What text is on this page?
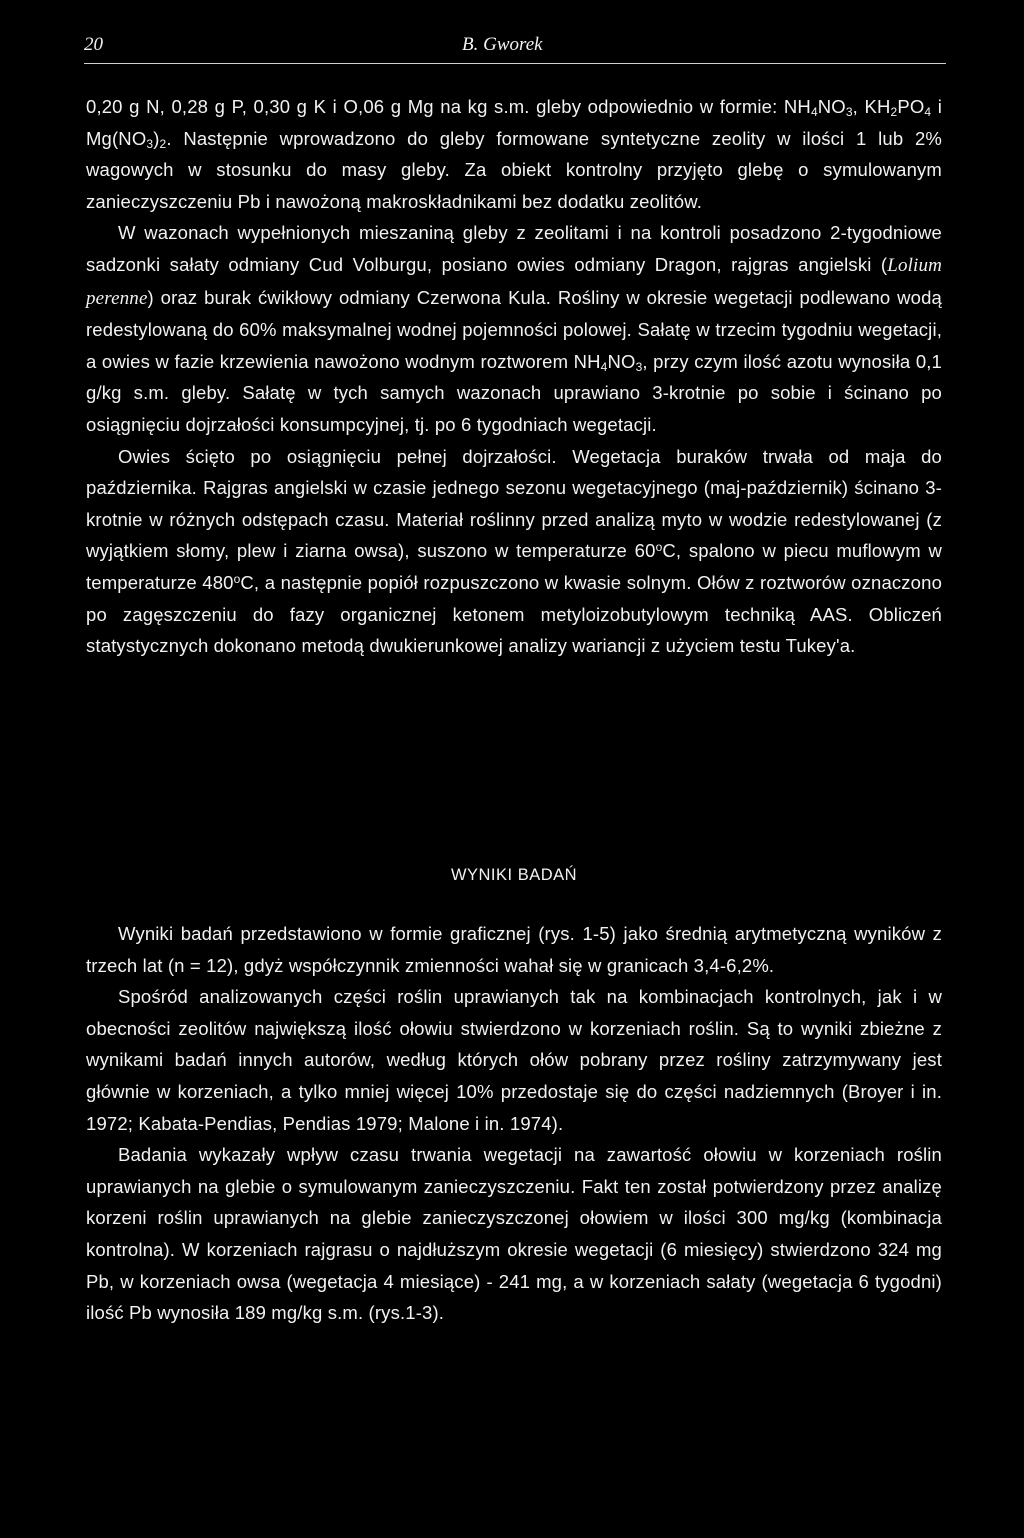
20	B. Gworek

0,20 g N, 0,28 g P, 0,30 g K i O,06 g Mg na kg s.m. gleby odpowiednio w formie: $NH_4NO_3$, $KH_2PO_4$ i $Mg(NO_3)_2$. Następnie wprowadzono do gleby formowane syntetyczne zeolity w ilości 1 lub 2% wagowych w stosunku do masy gleby. Za obiekt kontrolny przyjęto glebę o symulowanym zanieczyszczeniu Pb i nawożoną makroskładnikami bez dodatku zeolitów.

W wazonach wypełnionych mieszaniną gleby z zeolitami i na kontroli posadzono 2-tygodniowe sadzonki sałaty odmiany Cud Volburgu, posiano owies odmiany Dragon, rajgras angielski (Lolium perenne) oraz burak ćwikłowy odmiany Czerwona Kula. Rośliny w okresie wegetacji podlewano wodą redestylowaną do 60% maksymalnej wodnej pojemności polowej. Sałatę w trzecim tygodniu wegetacji, a owies w fazie krzewienia nawożono wodnym roztworem $NH_4NO_3$, przy czym ilość azotu wynosiła 0,1 g/kg s.m. gleby. Sałatę w tych samych wazonach uprawiano 3-krotnie po sobie i ścinano po osiągnięciu dojrzałości konsumpcyjnej, tj. po 6 tygodniach wegetacji.

Owies ścięto po osiągnięciu pełnej dojrzałości. Wegetacja buraków trwała od maja do października. Rajgras angielski w czasie jednego sezonu wegetacyjnego (maj-październik) ścinano 3-krotnie w różnych odstępach czasu. Materiał roślinny przed analizą myto w wodzie redestylowanej (z wyjątkiem słomy, plew i ziarna owsa), suszono w temperaturze 60$^o$C, spalono w piecu muflowym w temperaturze 480$^o$C, a następnie popiół rozpuszczono w kwasie solnym. Ołów z roztworów oznaczono po zagęszczeniu do fazy organicznej ketonem metyloizobutylowym techniką AAS. Obliczeń statystycznych dokonano metodą dwukierunkowej analizy wariancji z użyciem testu Tukey'a.

WYNIKI BADAŃ

Wyniki badań przedstawiono w formie graficznej (rys. 1-5) jako średnią arytmetyczną wyników z trzech lat (n = 12), gdyż współczynnik zmienności wahał się w granicach 3,4-6,2%.

Spośród analizowanych części roślin uprawianych tak na kombinacjach kontrolnych, jak i w obecności zeolitów największą ilość ołowiu stwierdzono w korzeniach roślin. Są to wyniki zbieżne z wynikami badań innych autorów, według których ołów pobrany przez rośliny zatrzymywany jest głównie w korzeniach, a tylko mniej więcej 10% przedostaje się do części nadziemnych (Broyer i in. 1972; Kabata-Pendias, Pendias 1979; Malone i in. 1974).

Badania wykazały wpływ czasu trwania wegetacji na zawartość ołowiu w korzeniach roślin uprawianych na glebie o symulowanym zanieczyszczeniu. Fakt ten został potwierdzony przez analizę korzeni roślin uprawianych na glebie zanieczyszczonej ołowiem w ilości 300 mg/kg (kombinacja kontrolna). W korzeniach rajgrasu o najdłuższym okresie wegetacji (6 miesięcy) stwierdzono 324 mg Pb, w korzeniach owsa (wegetacja 4 miesiące) - 241 mg, a w korzeniach sałaty (wegetacja 6 tygodni) ilość Pb wynosiła 189 mg/kg s.m. (rys.1-3).
